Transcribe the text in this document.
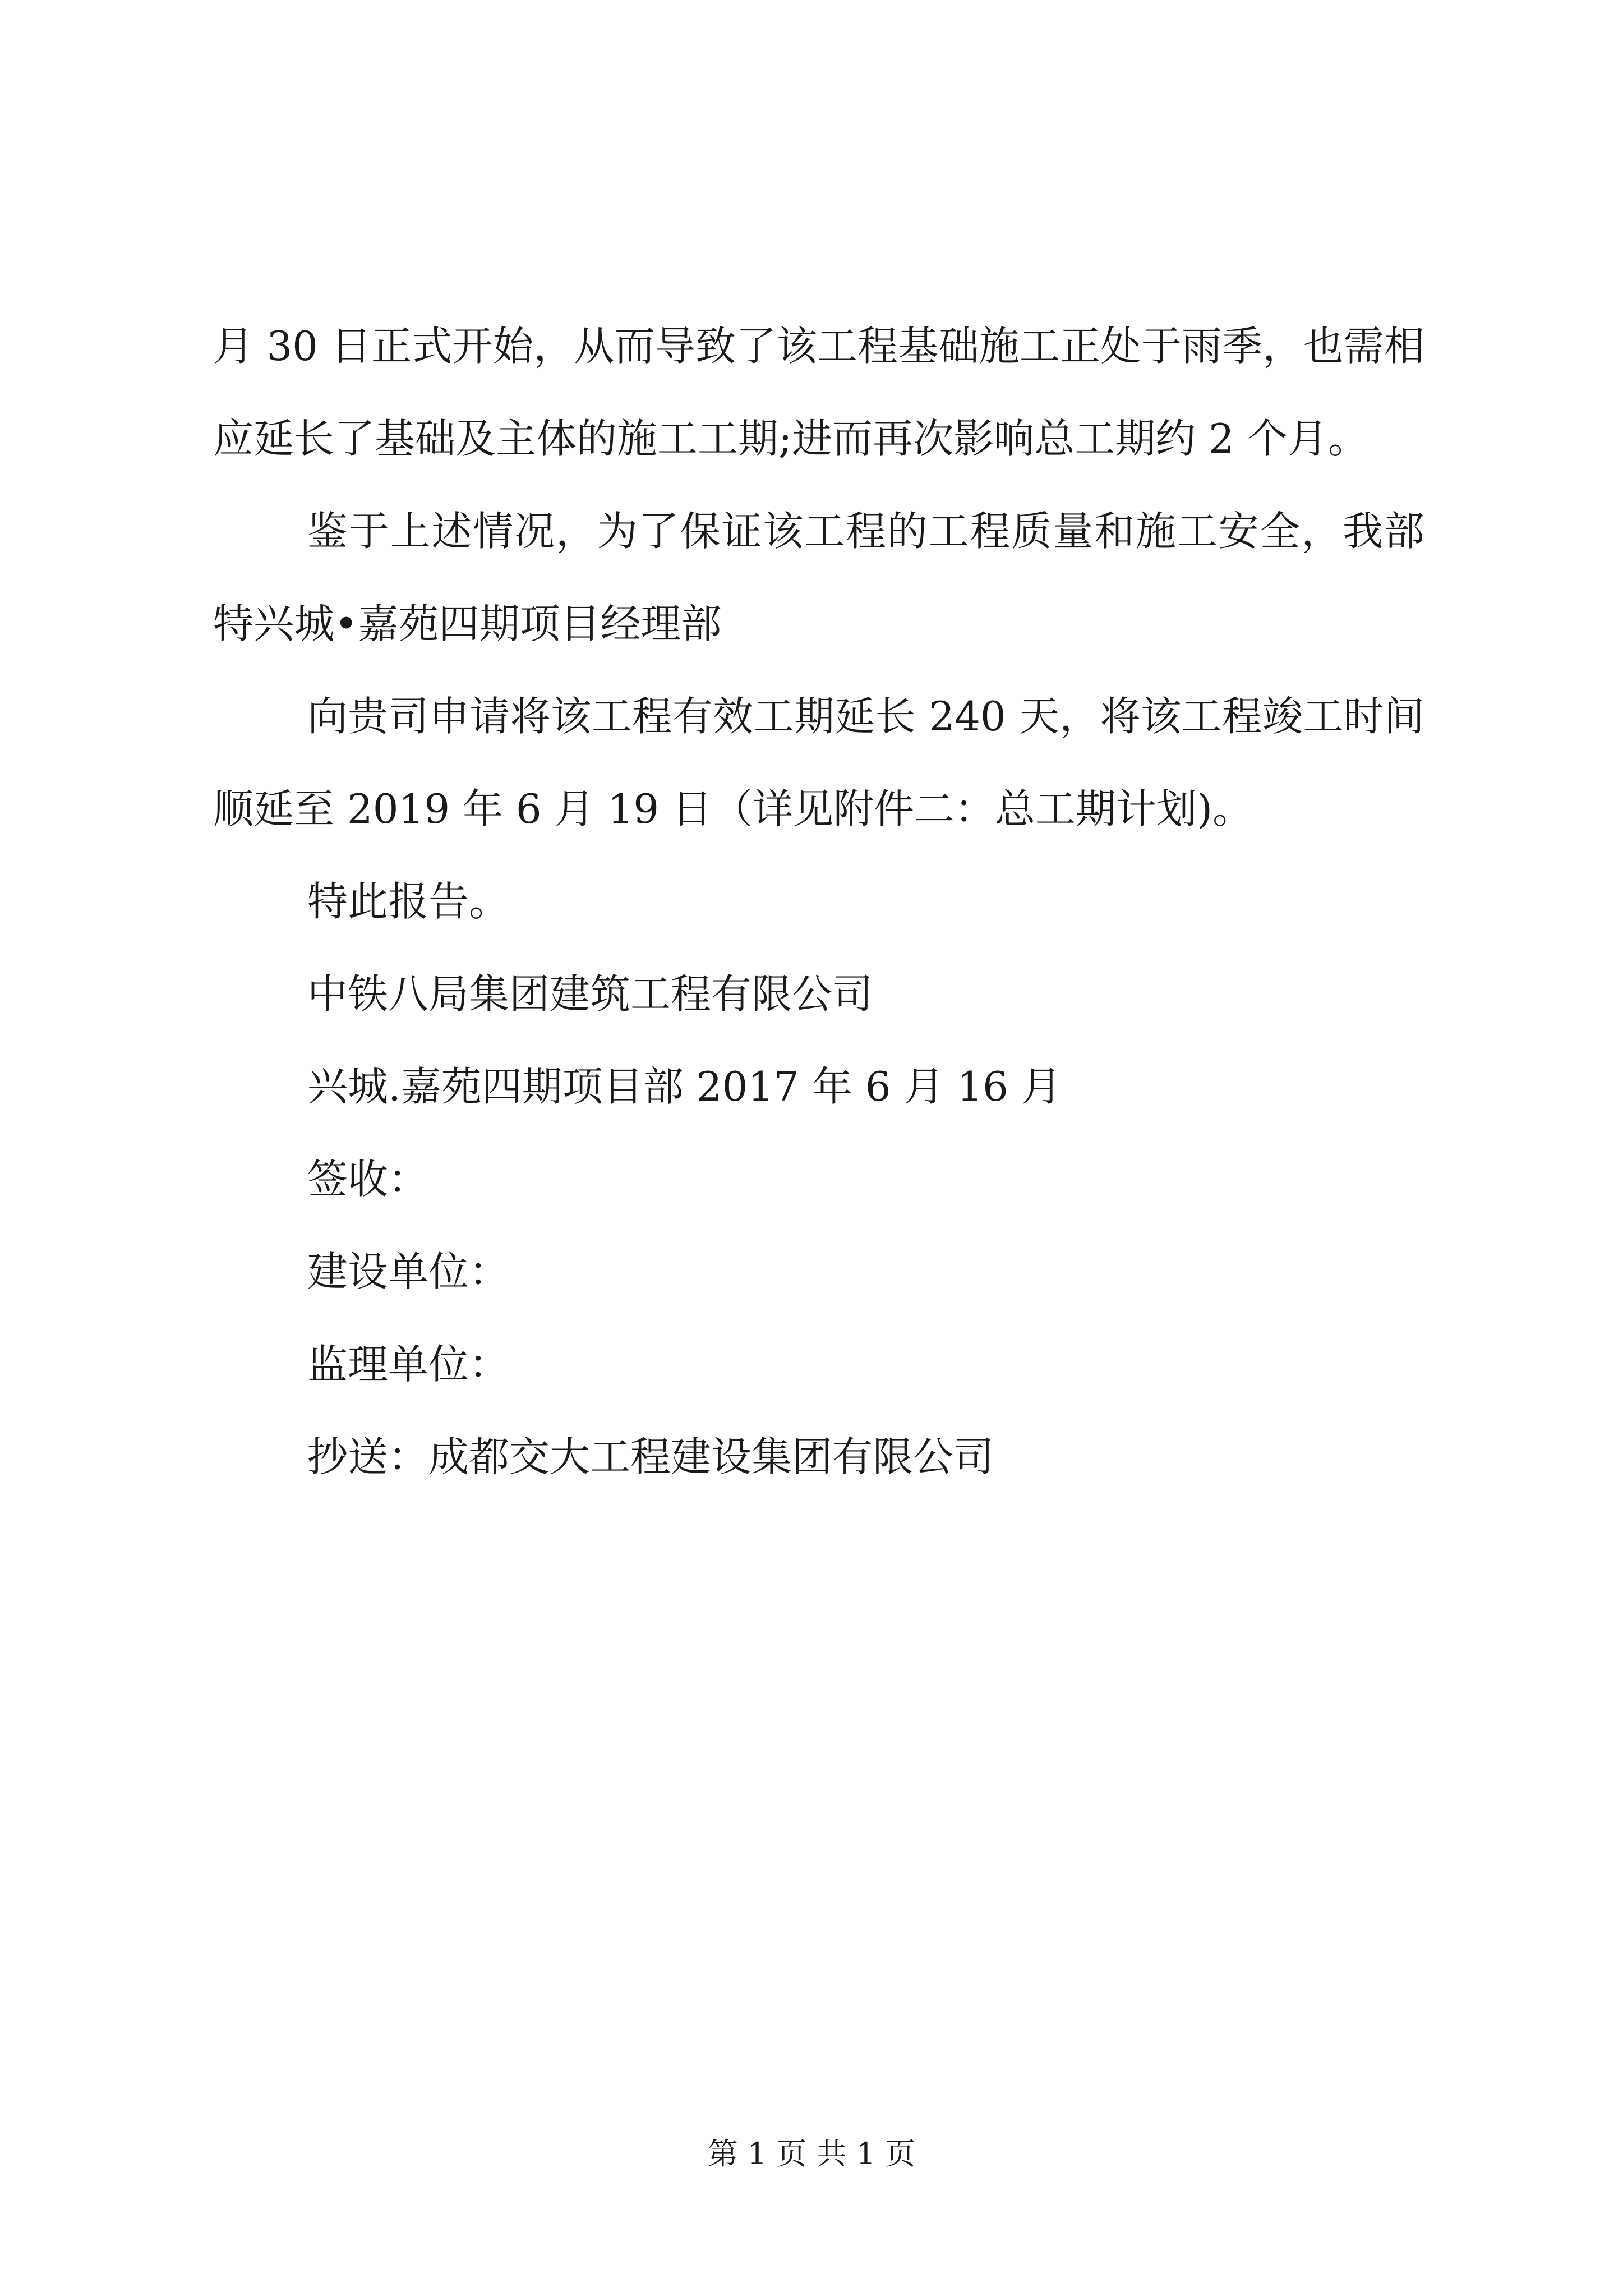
月 30 日正式开始，从而导致了该工程基础施工正处于雨季，也需相应延长了基础及主体的施工工期;进而再次影响总工期约 2 个月。

鉴于上述情况，为了保证该工程的工程质量和施工安全，我部特兴城•嘉苑四期项目经理部

向贵司申请将该工程有效工期延长 240 天，将该工程竣工时间顺延至 2019 年 6 月 19 日（详见附件二：总工期计划)。

特此报告。

中铁八局集团建筑工程有限公司

兴城.嘉苑四期项目部 2017 年 6 月 16 月

签收：

建设单位：

监理单位：

抄送：成都交大工程建设集团有限公司

第 1 页 共 1 页
